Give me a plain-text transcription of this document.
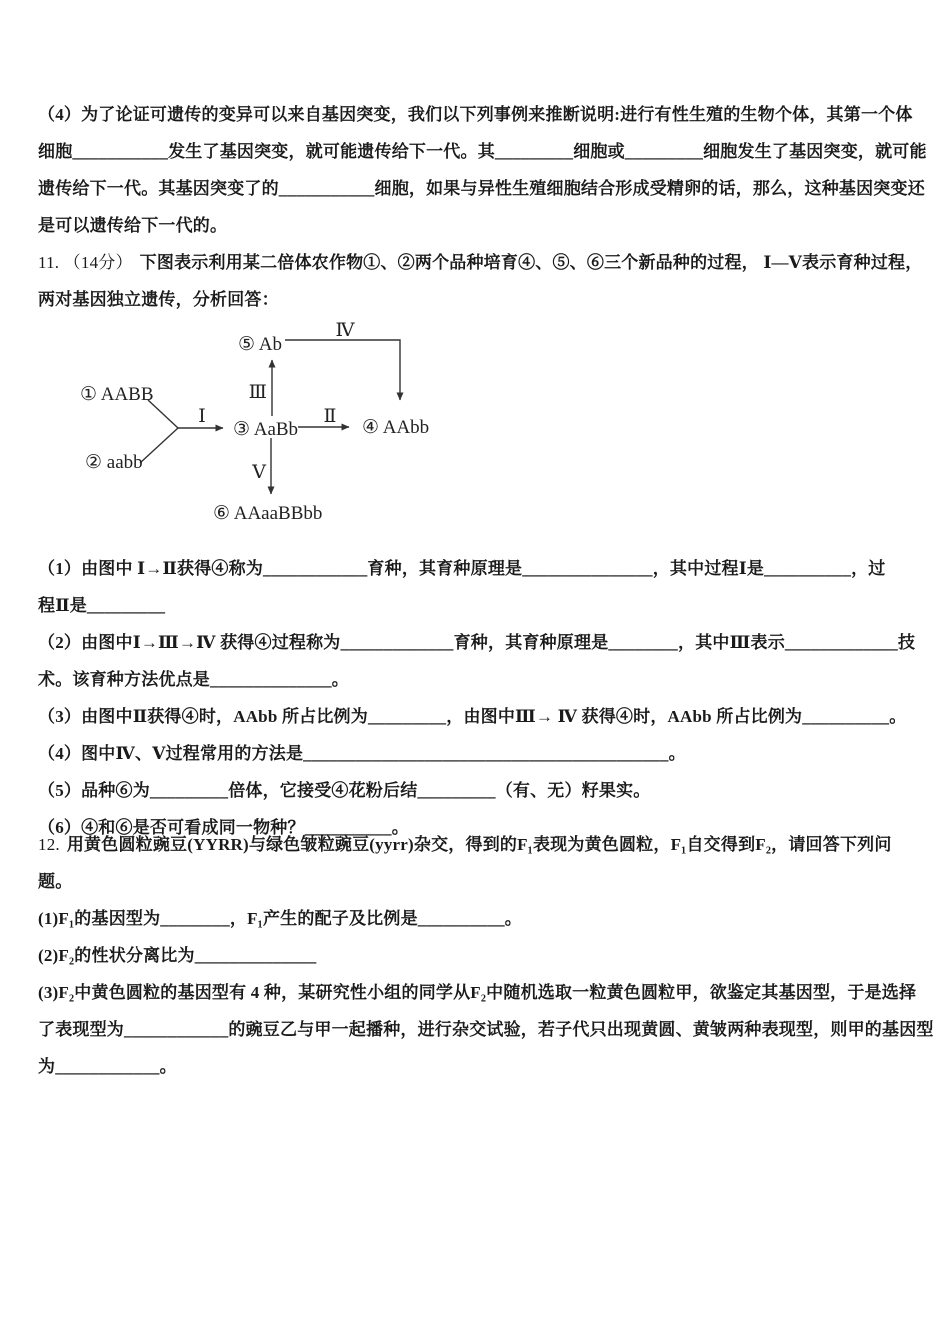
（4）为了论证可遗传的变异可以来自基因突变，我们以下列事例来推断说明:进行有性生殖的生物个体，其第一个体
细胞___________发生了基因突变，就可能遗传给下一代。其_________细胞或_________细胞发生了基因突变，就可能
遗传给下一代。其基因突变了的___________细胞，如果与异性生殖细胞结合形成受精卵的话，那么，这种基因突变还
是可以遗传给下一代的。
11. （14分） 下图表示利用某二倍体农作物①、②两个品种培育④、⑤、⑥三个新品种的过程， Ⅰ—Ⅴ表示育种过程，
两对基因独立遗传，分析回答：
⑤ Ab
① AABB
② aabb
③ AaBb	④ AAbb
⑥ AAaaBBbb
Ⅰ	Ⅱ
Ⅲ
Ⅳ
Ⅴ
（1）由图中 Ⅰ→Ⅱ获得④称为____________育种，其育种原理是_______________，其中过程Ⅰ是__________，过
程Ⅱ是_________
（2）由图中Ⅰ→Ⅲ→Ⅳ 获得④过程称为_____________育种，其育种原理是________，其中Ⅲ表示_____________技
术。该育种方法优点是______________。
（3）由图中Ⅱ获得④时，AAbb 所占比例为_________，由图中Ⅲ→ Ⅳ 获得④时，AAbb 所占比例为__________。
（4）图中Ⅳ、Ⅴ过程常用的方法是__________________________________________。
（5）品种⑥为_________倍体，它接受④花粉后结_________（有、无）籽果实。
（6）④和⑥是否可看成同一物种？__________。
12. 用黄色圆粒豌豆(YYRR)与绿色皱粒豌豆(yyrr)杂交，得到的F₁表现为黄色圆粒，F₁自交得到F₂，请回答下列问
题。
(1)F₁的基因型为________，F₁产生的配子及比例是__________。
(2)F₂的性状分离比为______________
(3)F₂中黄色圆粒的基因型有 4 种，某研究性小组的同学从F₂中随机选取一粒黄色圆粒甲，欲鉴定其基因型，于是选择
了表现型为____________的豌豆乙与甲一起播种，进行杂交试验，若子代只出现黄圆、黄皱两种表现型，则甲的基因型
为____________。
